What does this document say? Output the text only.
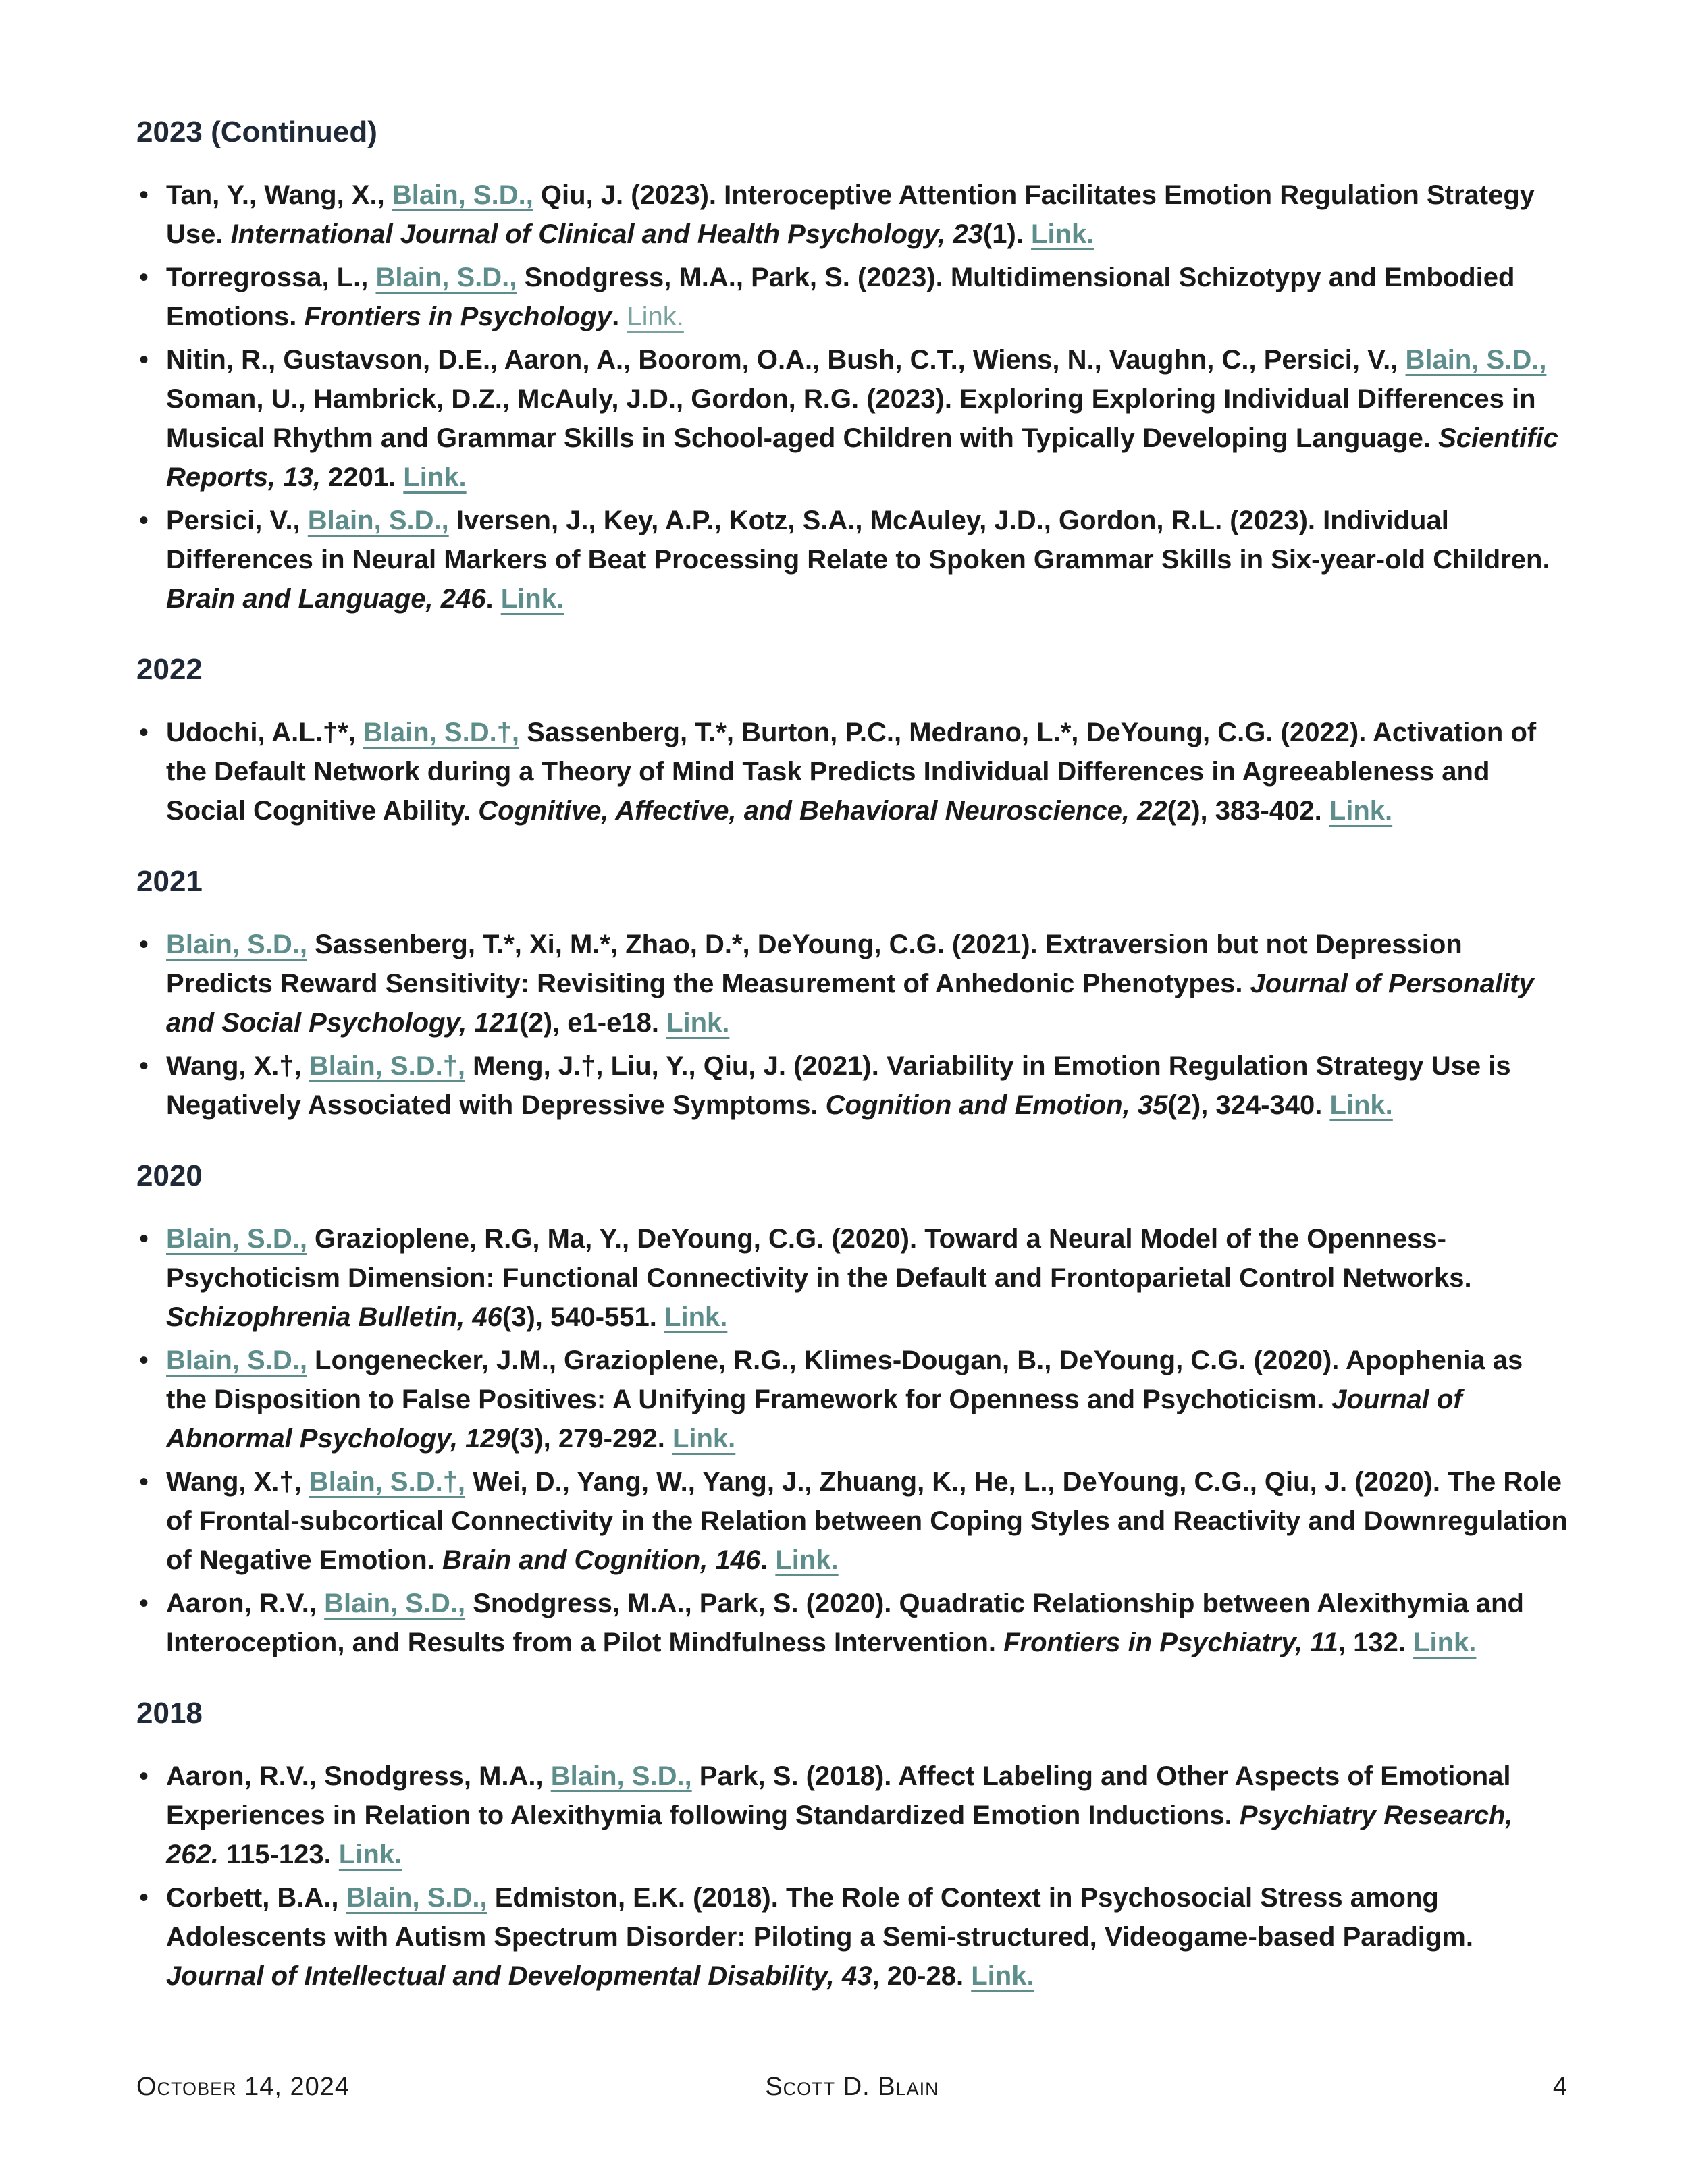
2023 (Continued)
• Tan, Y., Wang, X., Blain, S.D., Qiu, J. (2023). Interoceptive Attention Facilitates Emotion Regulation Strategy Use. International Journal of Clinical and Health Psychology, 23(1). Link.
• Torregrossa, L., Blain, S.D., Snodgress, M.A., Park, S. (2023). Multidimensional Schizotypy and Embodied Emotions. Frontiers in Psychology. Link.
• Nitin, R., Gustavson, D.E., Aaron, A., Boorom, O.A., Bush, C.T., Wiens, N., Vaughn, C., Persici, V., Blain, S.D., Soman, U., Hambrick, D.Z., McAuly, J.D., Gordon, R.G. (2023). Exploring Exploring Individual Differences in Musical Rhythm and Grammar Skills in School-aged Children with Typically Developing Language. Scientific Reports, 13, 2201. Link.
• Persici, V., Blain, S.D., Iversen, J., Key, A.P., Kotz, S.A., McAuley, J.D., Gordon, R.L. (2023). Individual Differences in Neural Markers of Beat Processing Relate to Spoken Grammar Skills in Six-year-old Children. Brain and Language, 246. Link.
2022
• Udochi, A.L.†*, Blain, S.D.†, Sassenberg, T.*, Burton, P.C., Medrano, L.*, DeYoung, C.G. (2022). Activation of the Default Network during a Theory of Mind Task Predicts Individual Differences in Agreeableness and Social Cognitive Ability. Cognitive, Affective, and Behavioral Neuroscience, 22(2), 383-402. Link.
2021
• Blain, S.D., Sassenberg, T.*, Xi, M.*, Zhao, D.*, DeYoung, C.G. (2021). Extraversion but not Depression Predicts Reward Sensitivity: Revisiting the Measurement of Anhedonic Phenotypes. Journal of Personality and Social Psychology, 121(2), e1-e18. Link.
• Wang, X.†, Blain, S.D.†, Meng, J.†, Liu, Y., Qiu, J. (2021). Variability in Emotion Regulation Strategy Use is Negatively Associated with Depressive Symptoms. Cognition and Emotion, 35(2), 324-340. Link.
2020
• Blain, S.D., Grazioplene, R.G, Ma, Y., DeYoung, C.G. (2020). Toward a Neural Model of the Openness-Psychoticism Dimension: Functional Connectivity in the Default and Frontoparietal Control Networks. Schizophrenia Bulletin, 46(3), 540-551. Link.
• Blain, S.D., Longenecker, J.M., Grazioplene, R.G., Klimes-Dougan, B., DeYoung, C.G. (2020). Apophenia as the Disposition to False Positives: A Unifying Framework for Openness and Psychoticism. Journal of Abnormal Psychology, 129(3), 279-292. Link.
• Wang, X.†, Blain, S.D.†, Wei, D., Yang, W., Yang, J., Zhuang, K., He, L., DeYoung, C.G., Qiu, J. (2020). The Role of Frontal-subcortical Connectivity in the Relation between Coping Styles and Reactivity and Downregulation of Negative Emotion. Brain and Cognition, 146. Link.
• Aaron, R.V., Blain, S.D., Snodgress, M.A., Park, S. (2020). Quadratic Relationship between Alexithymia and Interoception, and Results from a Pilot Mindfulness Intervention. Frontiers in Psychiatry, 11, 132. Link.
2018
• Aaron, R.V., Snodgress, M.A., Blain, S.D., Park, S. (2018). Affect Labeling and Other Aspects of Emotional Experiences in Relation to Alexithymia following Standardized Emotion Inductions. Psychiatry Research, 262. 115-123. Link.
• Corbett, B.A., Blain, S.D., Edmiston, E.K. (2018). The Role of Context in Psychosocial Stress among Adolescents with Autism Spectrum Disorder: Piloting a Semi-structured, Videogame-based Paradigm. Journal of Intellectual and Developmental Disability, 43, 20-28. Link.
October 14, 2024	Scott D. Blain	4
